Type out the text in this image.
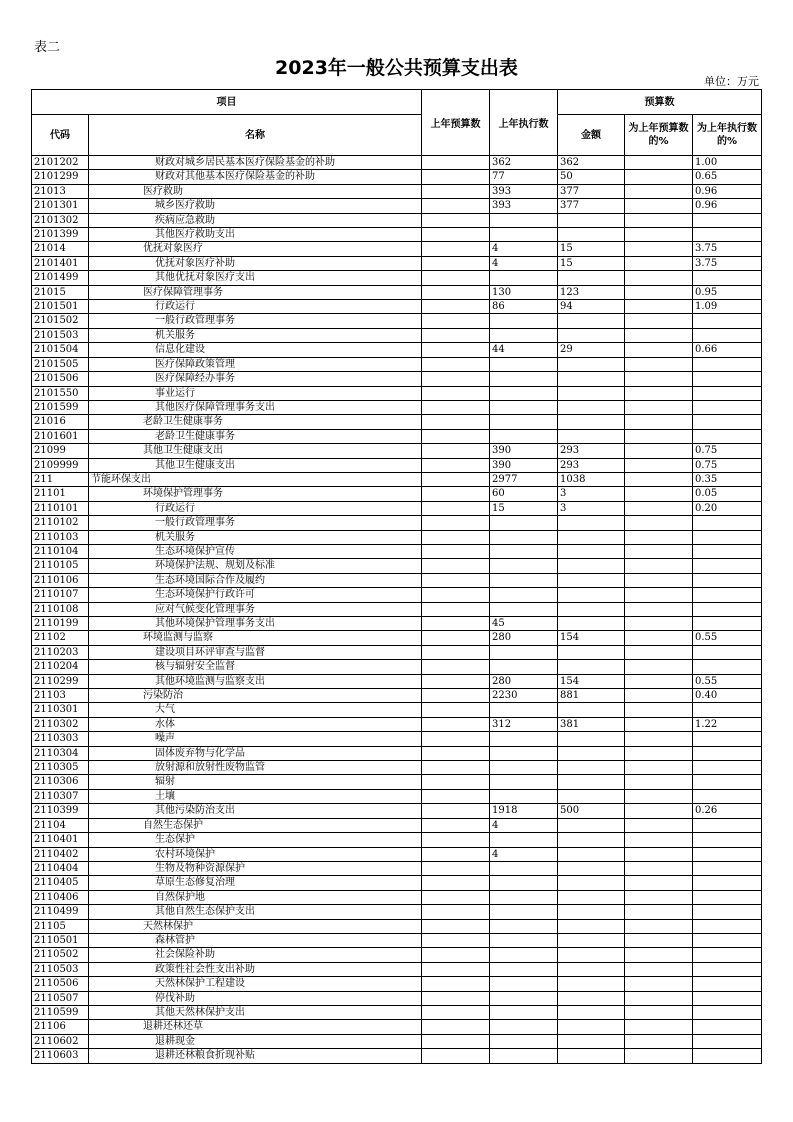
表二
2023年一般公共预算支出表
单位：万元
项目		上年预算数	上年执行数	预算数		
代码	名称			金额	为上年预算数的%	为上年执行数的%
2101202	财政对城乡居民基本医疗保险基金的补助		362	362		1.00
2101299	财政对其他基本医疗保险基金的补助		77	50		0.65
21013	医疗救助		393	377		0.96
2101301	城乡医疗救助		393	377		0.96
2101302	疾病应急救助					
2101399	其他医疗救助支出					
21014	优抚对象医疗		4	15		3.75
2101401	优抚对象医疗补助		4	15		3.75
2101499	其他优抚对象医疗支出					
21015	医疗保障管理事务		130	123		0.95
2101501	行政运行		86	94		1.09
2101502	一般行政管理事务					
2101503	机关服务					
2101504	信息化建设		44	29		0.66
2101505	医疗保障政策管理					
2101506	医疗保障经办事务					
2101550	事业运行					
2101599	其他医疗保障管理事务支出					
21016	老龄卫生健康事务					
2101601	老龄卫生健康事务					
21099	其他卫生健康支出		390	293		0.75
2109999	其他卫生健康支出		390	293		0.75
211	节能环保支出		2977	1038		0.35
21101	环境保护管理事务		60	3		0.05
2110101	行政运行		15	3		0.20
2110102	一般行政管理事务					
2110103	机关服务					
2110104	生态环境保护宣传					
2110105	环境保护法规、规划及标准					
2110106	生态环境国际合作及履约					
2110107	生态环境保护行政许可					
2110108	应对气候变化管理事务					
2110199	其他环境保护管理事务支出		45			
21102	环境监测与监察		280	154		0.55
2110203	建设项目环评审查与监督					
2110204	核与辐射安全监督					
2110299	其他环境监测与监察支出		280	154		0.55
21103	污染防治		2230	881		0.40
2110301	大气					
2110302	水体		312	381		1.22
2110303	噪声					
2110304	固体废弃物与化学品					
2110305	放射源和放射性废物监管					
2110306	辐射					
2110307	土壤					
2110399	其他污染防治支出		1918	500		0.26
21104	自然生态保护		4			
2110401	生态保护					
2110402	农村环境保护		4			
2110404	生物及物种资源保护					
2110405	草原生态修复治理					
2110406	自然保护地					
2110499	其他自然生态保护支出					
21105	天然林保护					
2110501	森林管护					
2110502	社会保险补助					
2110503	政策性社会性支出补助					
2110506	天然林保护工程建设					
2110507	停伐补助					
2110599	其他天然林保护支出					
21106	退耕还林还草					
2110602	退耕现金					
2110603	退耕还林粮食折现补贴					
